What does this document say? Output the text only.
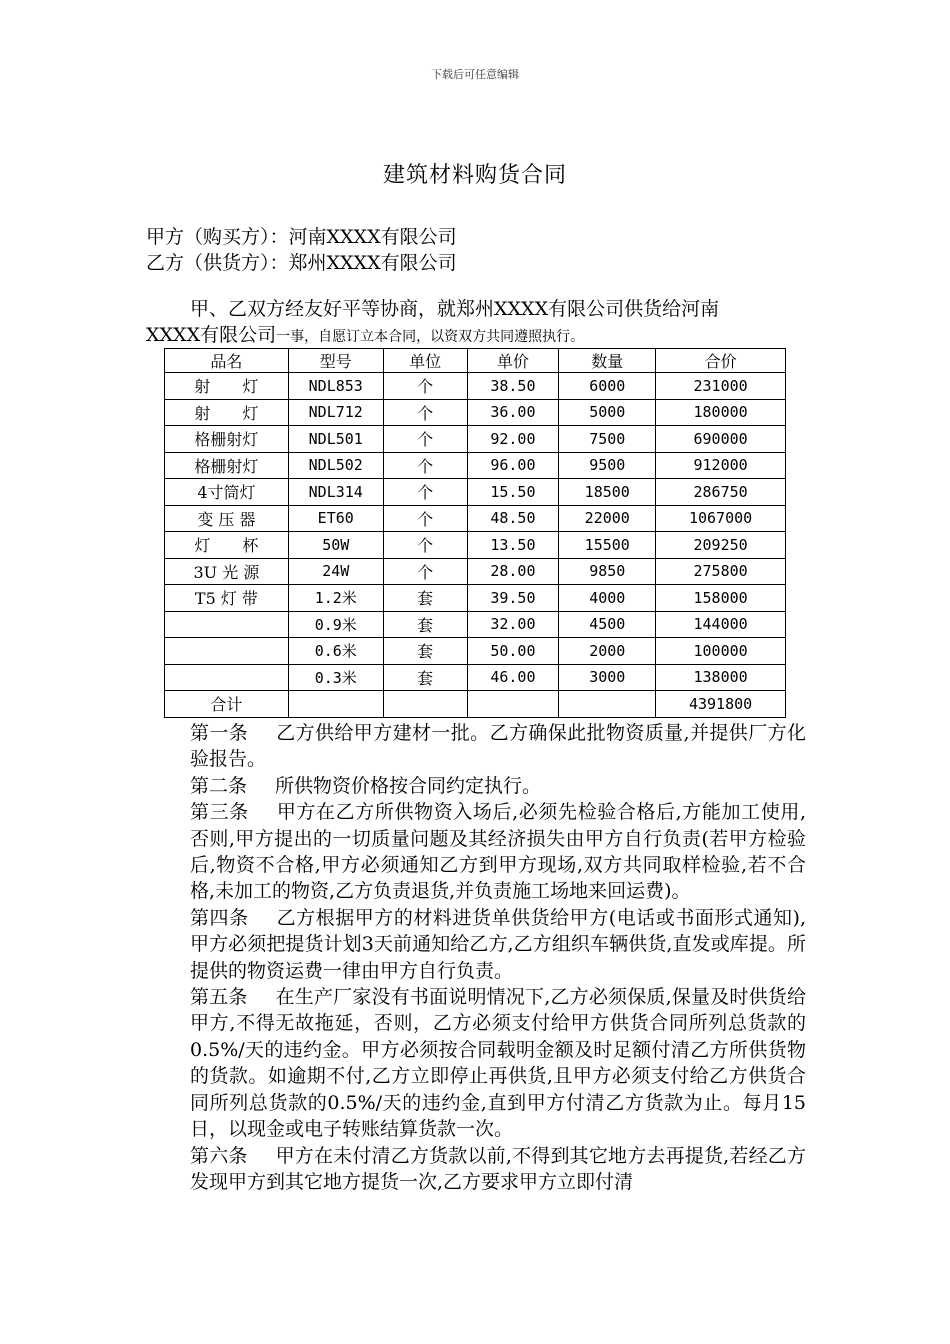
下载后可任意编辑
建筑材料购货合同
甲方（购买方）：河南XXXX有限公司
乙方（供货方）：郑州XXXX有限公司
甲、乙双方经友好平等协商，就郑州XXXX有限公司供货给河南
XXXX有限公司一事，自愿订立本合同，以资双方共同遵照执行。
品名	型号	单位	单价	数量	合价
射　　灯	NDL853	个	38.50	6000	231000
射　　灯	NDL712	个	36.00	5000	180000
格栅射灯	NDL501	个	92.00	7500	690000
格栅射灯	NDL502	个	96.00	9500	912000
4寸筒灯	NDL314	个	15.50	18500	286750
变 压 器	ET60	个	48.50	22000	1067000
灯　　杯	50W	个	13.50	15500	209250
3U 光 源	24W	个	28.00	9850	275800
T5 灯 带	1.2米	套	39.50	4000	158000
	0.9米	套	32.00	4500	144000
	0.6米	套	50.00	2000	100000
	0.3米	套	46.00	3000	138000
合计					4391800

第一条 乙方供给甲方建材一批。乙方确保此批物资质量,并提供厂方化验报告。

第二条 所供物资价格按合同约定执行。

第三条 甲方在乙方所供物资入场后,必须先检验合格后,方能加工使用,否则,甲方提出的一切质量问题及其经济损失由甲方自行负责(若甲方检验后,物资不合格,甲方必须通知乙方到甲方现场,双方共同取样检验,若不合格,未加工的物资,乙方负责退货,并负责施工场地来回运费)。

第四条 乙方根据甲方的材料进货单供货给甲方(电话或书面形式通知),甲方必须把提货计划3天前通知给乙方,乙方组织车辆供货,直发或库提。所提供的物资运费一律由甲方自行负责。

第五条 在生产厂家没有书面说明情况下,乙方必须保质,保量及时供货给甲方,不得无故拖延，否则，乙方必须支付给甲方供货合同所列总货款的0.5%/天的违约金。甲方必须按合同载明金额及时足额付清乙方所供货物的货款。如逾期不付,乙方立即停止再供货,且甲方必须支付给乙方供货合同所列总货款的0.5%/天的违约金,直到甲方付清乙方货款为止。每月15日，以现金或电子转账结算货款一次。

第六条 甲方在未付清乙方货款以前,不得到其它地方去再提货,若经乙方发现甲方到其它地方提货一次,乙方要求甲方立即付清
